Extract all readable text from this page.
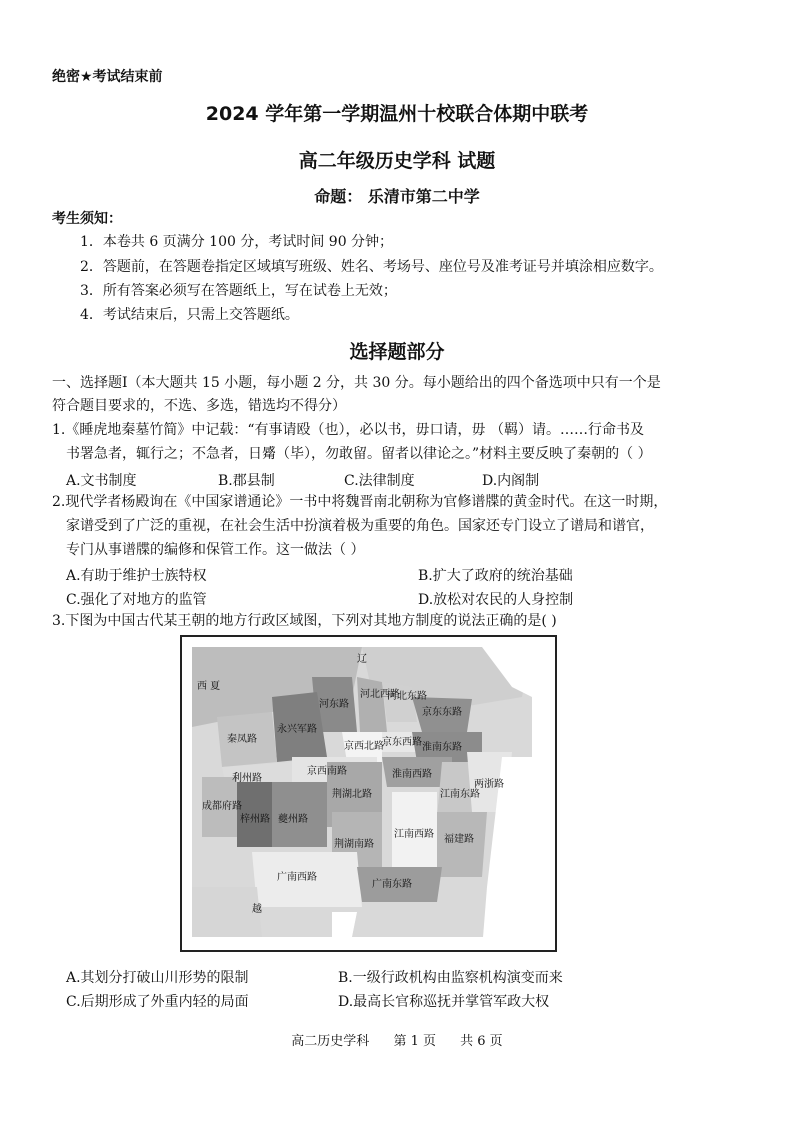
绝密★考试结束前
2024 学年第一学期温州十校联合体期中联考
高二年级历史学科 试题
命题： 乐清市第二中学
考生须知：
1．本卷共 6 页满分 100 分，考试时间 90 分钟；
2．答题前，在答题卷指定区域填写班级、姓名、考场号、座位号及准考证号并填涂相应数字。
3．所有答案必须写在答题纸上，写在试卷上无效；
4．考试结束后，只需上交答题纸。
选择题部分
一、选择题Ⅰ（本大题共 15 小题，每小题 2 分，共 30 分。每小题给出的四个备选项中只有一个是
符合题目要求的，不选、多选，错选均不得分）
1.《睡虎地秦墓竹简》中记载：“有事请殴（也），必以书，毋口请，毋 （羁）请。……行命书及
书署急者，辄行之；不急者，日觱（毕），勿敢留。留者以律论之。”材料主要反映了秦朝的（ ）
A.文书制度	B.郡县制	C.法律制度	D.内阁制
2.现代学者杨殿询在《中国家谱通论》一书中将魏晋南北朝称为官修谱牒的黄金时代。在这一时期，
家谱受到了广泛的重视，在社会生活中扮演着极为重要的角色。国家还专门设立了谱局和谱官，
专门从事谱牒的编修和保管工作。这一做法（ ）
A.有助于维护士族特权	B.扩大了政府的统治基础
C.强化了对地方的监管	D.放松对农民的人身控制
3.下图为中国古代某王朝的地方行政区域图，下列对其地方制度的说法正确的是( )
辽
西 夏
河东路
河北西路
河北东路
京东东路
京东西路
京西北路
永兴军路
秦凤路
利州路
京西南路
淮南东路
淮南西路
江南东路
两浙路
成都府路
梓州路 夔州路
荆湖北路
荆湖南路
江南西路 福建路
广南西路
广南东路
越
A.其划分打破山川形势的限制	B.一级行政机构由监察机构演变而来
C.后期形成了外重内轻的局面	D.最高长官称巡抚并掌管军政大权
高二历史学科 第 1 页 共 6 页
